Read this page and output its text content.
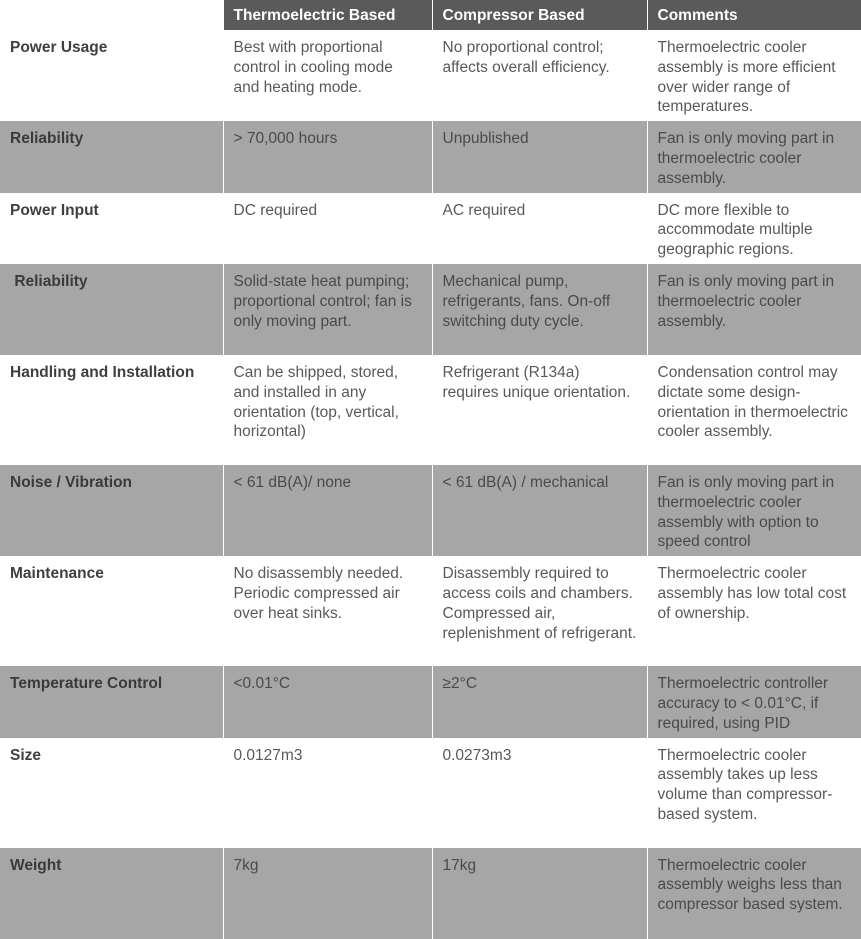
	Thermoelectric Based	Compressor Based	Comments
Power Usage	Best with proportional control in cooling mode and heating mode.	No proportional control; affects overall efficiency.	Thermoelectric cooler assembly is more efficient over wider range of temperatures.
Reliability	> 70,000 hours	Unpublished	Fan is only moving part in thermoelectric cooler assembly.
Power Input	DC required	AC required	DC more flexible to accommodate multiple geographic regions.
Reliability	Solid-state heat pumping; proportional control; fan is only moving part.	Mechanical pump, refrigerants, fans. On-off switching duty cycle.	Fan is only moving part in thermoelectric cooler assembly.
Handling and Installation	Can be shipped, stored, and installed in any orientation (top, vertical, horizontal)	Refrigerant (R134a) requires unique orientation.	Condensation control may dictate some design-orientation in thermoelectric cooler assembly.
Noise / Vibration	< 61 dB(A)/ none	< 61 dB(A) / mechanical	Fan is only moving part in thermoelectric cooler assembly with option to speed control
Maintenance	No disassembly needed. Periodic compressed air over heat sinks.	Disassembly required to access coils and chambers. Compressed air, replenishment of refrigerant.	Thermoelectric cooler assembly has low total cost of ownership.
Temperature Control	<0.01°C	≥2°C	Thermoelectric controller accuracy to < 0.01°C, if required, using PID
Size	0.0127m3	0.0273m3	Thermoelectric cooler assembly takes up less volume than compressor-based system.
Weight	7kg	17kg	Thermoelectric cooler assembly weighs less than compressor based system.
